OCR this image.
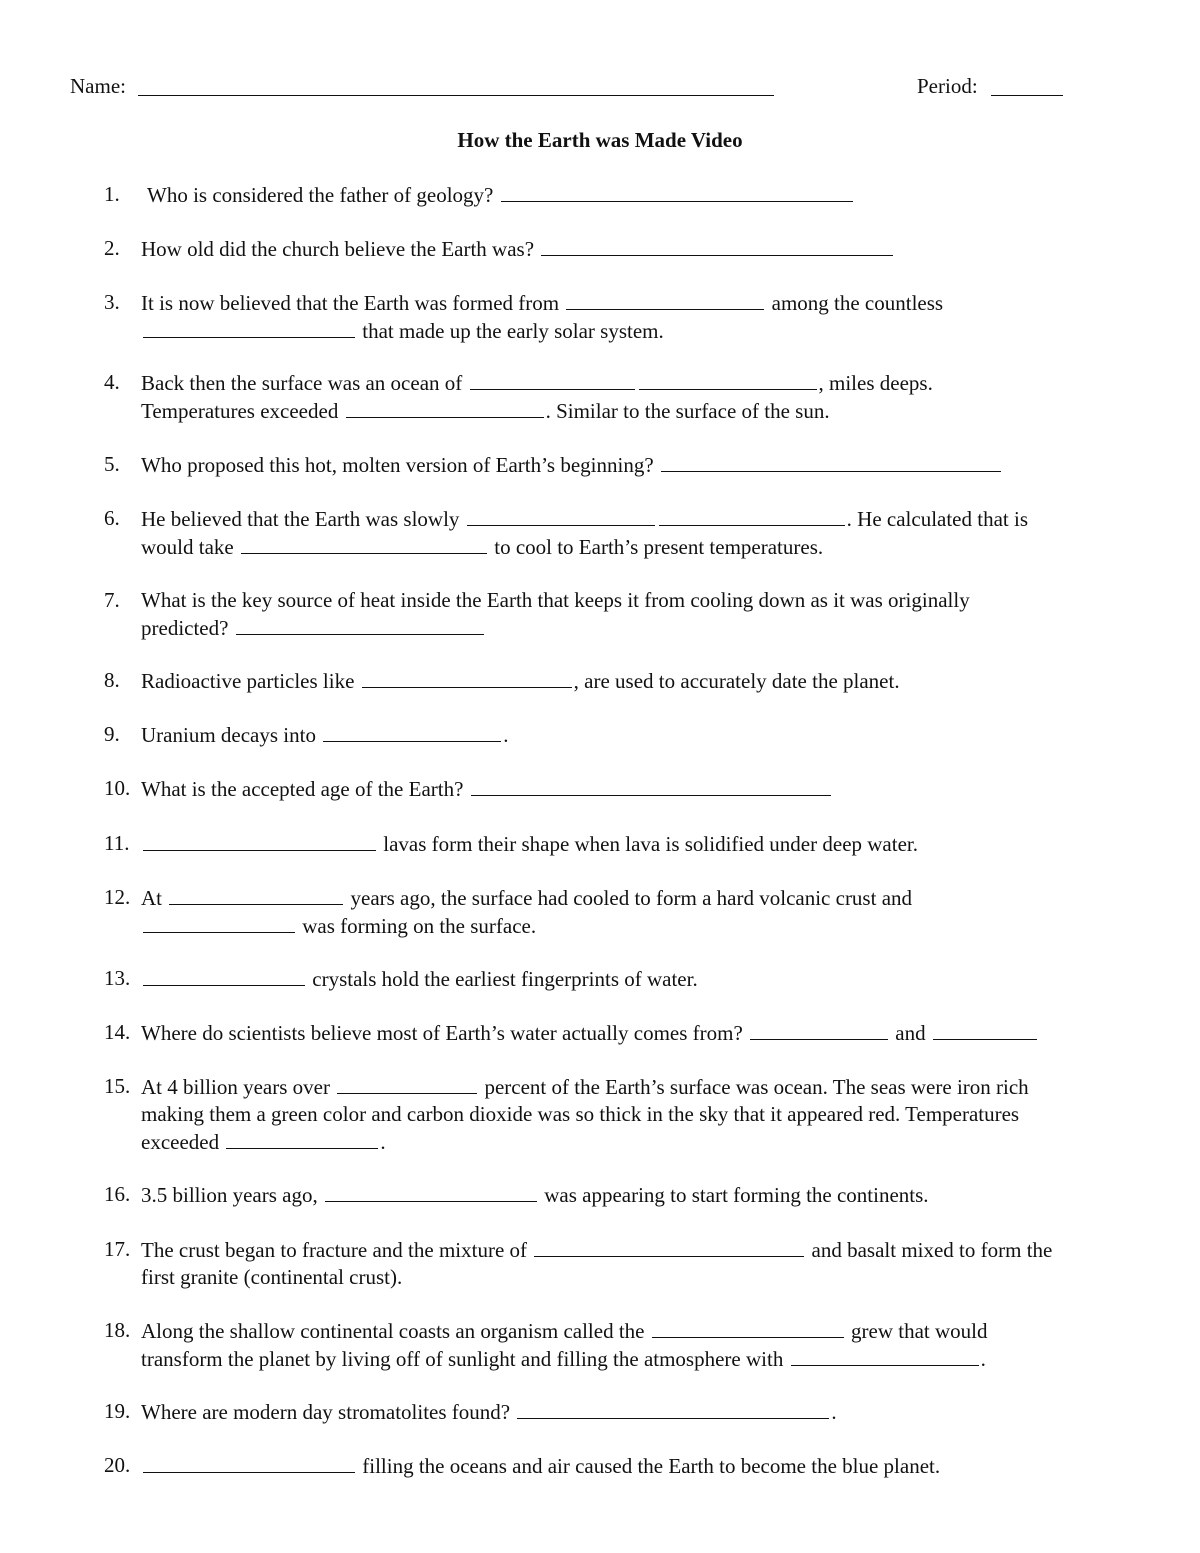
Name:	Period:
How the Earth was Made Video
1. Who is considered the father of geology?
2. How old did the church believe the Earth was?
3. It is now believed that the Earth was formed from	among the countless
that made up the early solar system.
4. Back then the surface was an ocean of	, miles deeps.
Temperatures exceeded	. Similar to the surface of the sun.
5. Who proposed this hot, molten version of Earth’s beginning?
6. He believed that the Earth was slowly	. He calculated that is
would take	to cool to Earth’s present temperatures.
7. What is the key source of heat inside the Earth that keeps it from cooling down as it was originally
predicted?
8. Radioactive particles like	, are used to accurately date the planet.
9. Uranium decays into	.
10. What is the accepted age of the Earth?
11.	lavas form their shape when lava is solidified under deep water.
12. At	years ago, the surface had cooled to form a hard volcanic crust and
was forming on the surface.
13.	crystals hold the earliest fingerprints of water.
14. Where do scientists believe most of Earth’s water actually comes from?	and
15. At 4 billion years over	percent of the Earth’s surface was ocean. The seas were iron rich
making them a green color and carbon dioxide was so thick in the sky that it appeared red. Temperatures
exceeded	.
16. 3.5 billion years ago,	was appearing to start forming the continents.
17. The crust began to fracture and the mixture of	and basalt mixed to form the
first granite (continental crust).
18. Along the shallow continental coasts an organism called the	grew that would
transform the planet by living off of sunlight and filling the atmosphere with	.
19. Where are modern day stromatolites found?	.
20.	filling the oceans and air caused the Earth to become the blue planet.
